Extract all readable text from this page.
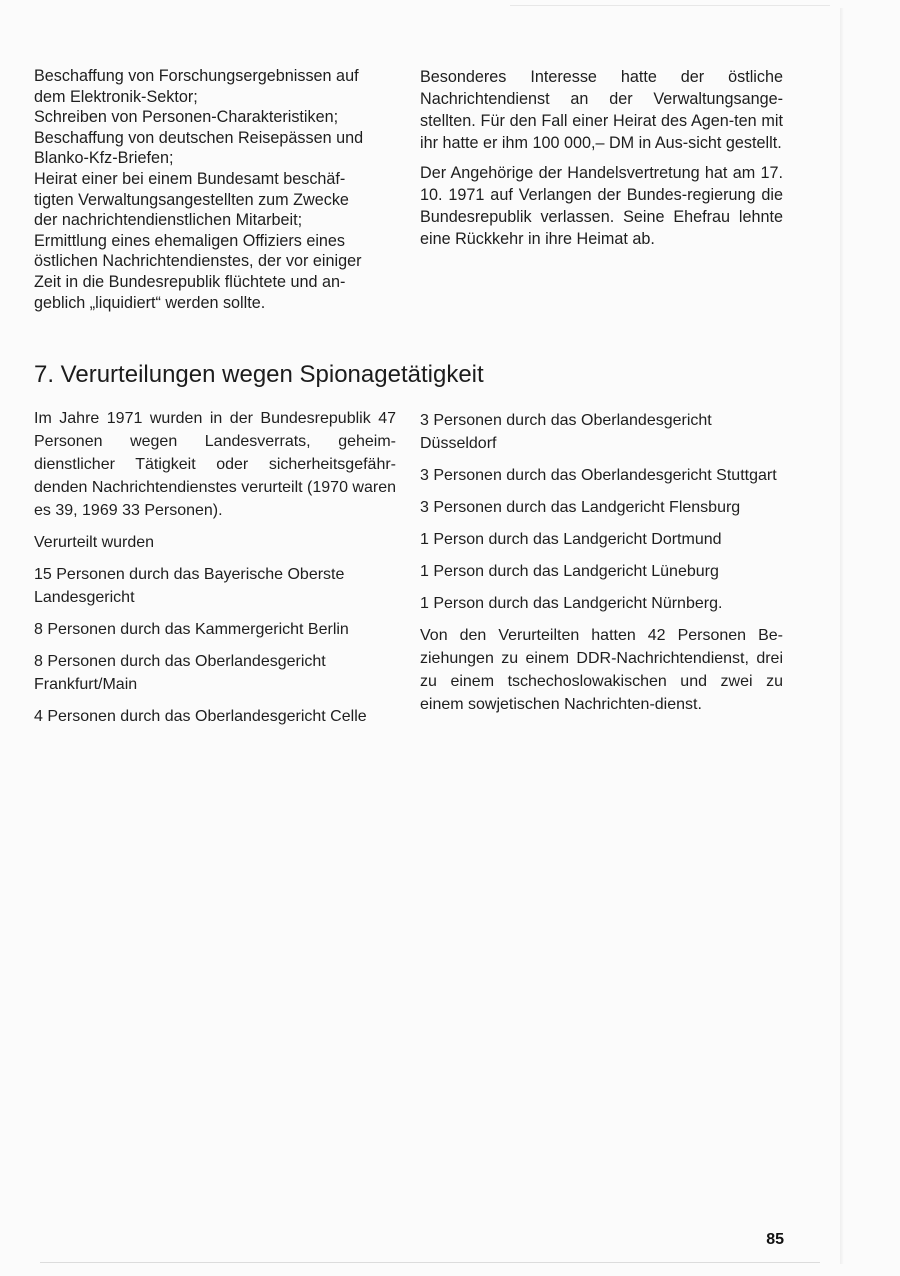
Beschaffung von Forschungsergebnissen auf

dem Elektronik-Sektor;

Schreiben von Personen-Charakteristiken;

Beschaffung von deutschen Reisepässen und

Blanko-Kfz-Briefen;

Heirat einer bei einem Bundesamt beschäf-

tigten Verwaltungsangestellten zum Zwecke

der nachrichtendienstlichen Mitarbeit;

Ermittlung eines ehemaligen Offiziers eines

östlichen Nachrichtendienstes, der vor einiger

Zeit in die Bundesrepublik flüchtete und an-

geblich „liquidiert“ werden sollte.

Besonderes Interesse hatte der östliche Nachrichtendienst an der Verwaltungsange-stellten. Für den Fall einer Heirat des Agen-ten mit ihr hatte er ihm 100 000,– DM in Aus-sicht gestellt.

Der Angehörige der Handelsvertretung hat am 17. 10. 1971 auf Verlangen der Bundes-regierung die Bundesrepublik verlassen. Seine Ehefrau lehnte eine Rückkehr in ihre Heimat ab.

7. Verurteilungen wegen Spionagetätigkeit

Im Jahre 1971 wurden in der Bundesrepublik 47 Personen wegen Landesverrats, geheim-dienstlicher Tätigkeit oder sicherheitsgefähr-denden Nachrichtendienstes verurteilt (1970 waren es 39, 1969 33 Personen).

Verurteilt wurden

15 Personen durch das Bayerische Oberste Landesgericht

8 Personen durch das Kammergericht Berlin

8 Personen durch das Oberlandesgericht Frankfurt/Main

4 Personen durch das Oberlandesgericht Celle

3 Personen durch das Oberlandesgericht Düsseldorf

3 Personen durch das Oberlandesgericht Stuttgart

3 Personen durch das Landgericht Flensburg

1 Person durch das Landgericht Dortmund

1 Person durch das Landgericht Lüneburg

1 Person durch das Landgericht Nürnberg.

Von den Verurteilten hatten 42 Personen Be-ziehungen zu einem DDR-Nachrichtendienst, drei zu einem tschechoslowakischen und zwei zu einem sowjetischen Nachrichten-dienst.

85
